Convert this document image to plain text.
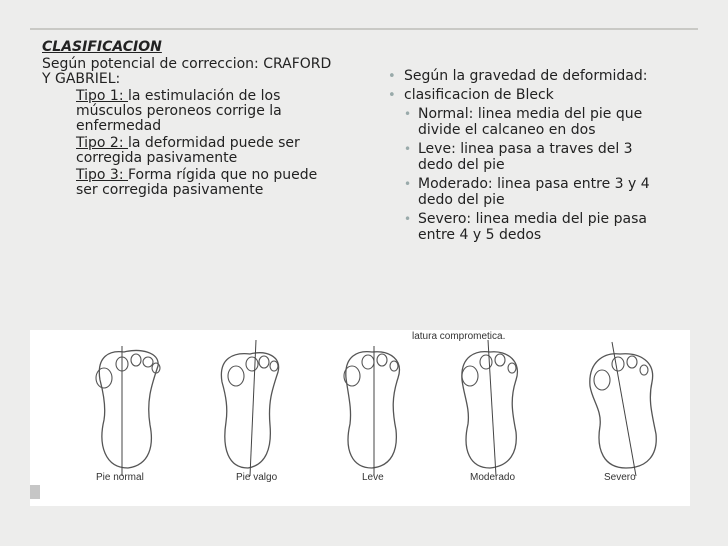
CLASIFICACION
Según potencial de correccion: CRAFORD
Y GABRIEL:
Tipo 1: la estimulación de los
músculos peroneos corrige la
enfermedad
Tipo 2: la deformidad puede ser
corregida pasivamente
Tipo 3: Forma rígida que no puede
ser corregida pasivamente
• Según la gravedad de deformidad:
• clasificacion de Bleck
• Normal: linea media del pie que
divide el calcaneo en dos
• Leve: linea pasa a traves del 3
dedo del pie
• Moderado: linea pasa entre 3 y 4
dedo del pie
• Severo: linea media del pie pasa
entre 4 y 5 dedos
latura comprometica.
Pie normal	Pie valgo	Leve	Moderado	Severo
